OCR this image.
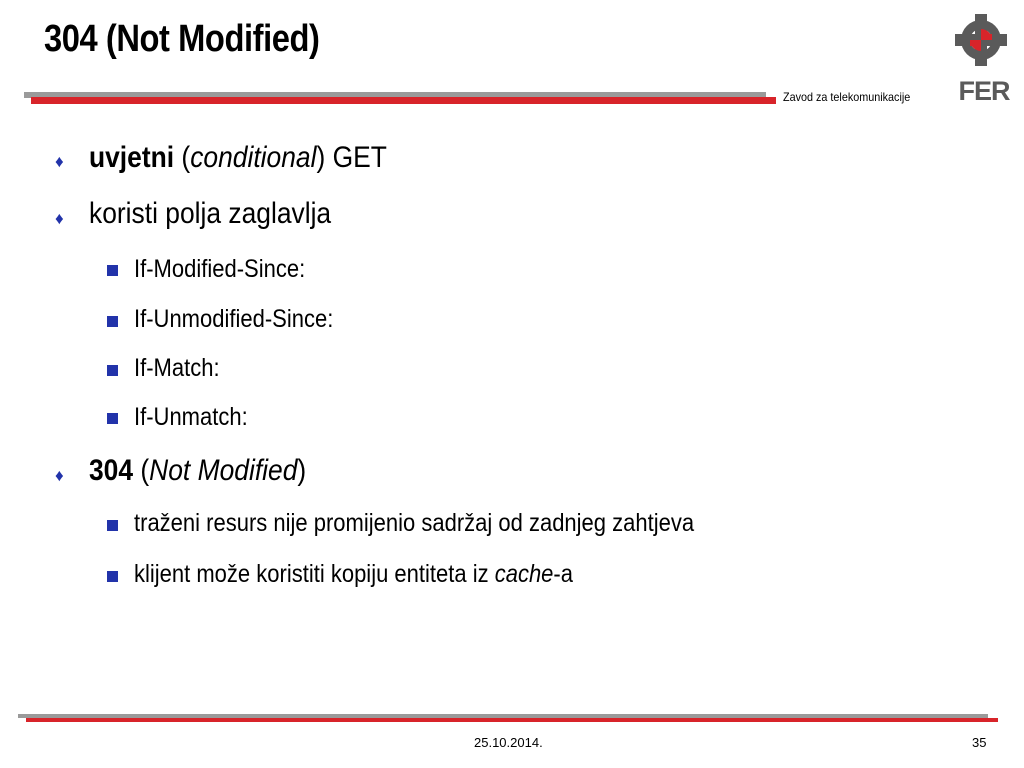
304 (Not Modified)
Zavod za telekomunikacije FER
♦ uvjetni (conditional) GET
♦ koristi polja zaglavlja
If-Modified-Since:
If-Unmodified-Since:
If-Match:
If-Unmatch:
♦ 304 (Not Modified)
traženi resurs nije promijenio sadržaj od zadnjeg zahtjeva
klijent može koristiti kopiju entiteta iz cache-a
25.10.2014.	35
